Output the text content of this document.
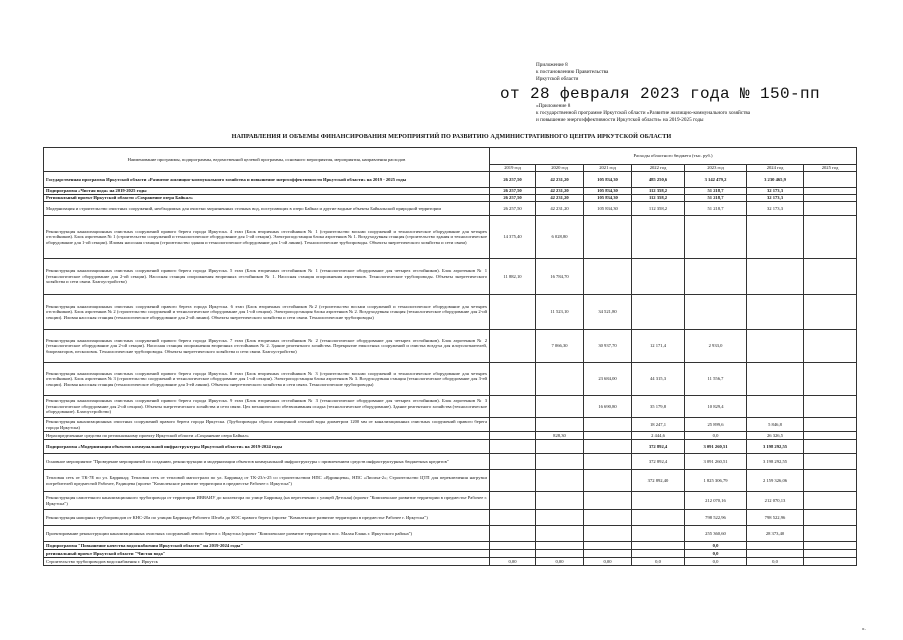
Приложение 8
к постановлению Правительства
Иркутской области
от 28 февраля 2023 года № 150-пп
«Приложение 8
к государственной программе Иркутской области «Развитие жилищно-коммунального хозяйства
и повышение энергоэффективности Иркутской области» на 2019-2025 годы
НАПРАВЛЕНИЯ И ОБЪЕМЫ ФИНАНСИРОВАНИЯ МЕРОПРИЯТИЙ ПО РАЗВИТИЮ АДМИНИСТРАТИВНОГО ЦЕНТРА ИРКУТСКОЙ ОБЛАСТИ
Наименование программы, подпрограммы, ведомственной целевой программы, основного мероприятия, мероприятия, направления расходов	Расходы областного бюджета (тыс. руб.)						
	2019 год	2020 год	2021 год	2022 год	2023 год	2024 год	2025 год
Государственная программа Иркутской области «Развитие жилищно-коммунального хозяйства и повышение энергоэффективности Иркутской области» на 2019 - 2025 годы	26 257,50	42 231,20	105 834,30	485 250,6	3 142 479,2	3 230 465,9	
Подпрограмма «Чистая вода» на 2019-2025 годы	26 257,50	42 231,20	105 834,30	112 358,2	51 218,7	32 173,3	
Региональный проект Иркутской области «Сохранение озера Байкал»	26 257,50	42 231,20	105 834,30	112 358,2	51 218,7	32 173,3	
Модернизация и строительство очистных сооружений, необходимых для очистки загрязненных сточных вод, поступающих в озеро Байкал и другие водные объекты Байкальской природной территории	26 257,50	42 231,20	105 834,30	112 358,2	51 218,7	32 173,3	
Реконструкция канализационных очистных сооружений правого берега города Иркутска. 4 этап (Блок вторичных отстойников № 1 (строительство восьми сооружений и технологическое оборудование для четырех отстойников). Блок аэротенков № 1 (строительство сооружений и технологическое оборудование для 1-ой секции). Электроподстанция блока аэротенков № 1. Воздуходувная станция (строительство здания и технологическое оборудование для 1-ой секции). Иловая насосная станция (строительство здания и технологическое оборудование для 1-ой линии). Технологические трубопроводы. Объекты энергетического хозяйства и сети связи)	14 375,40	6 028,80					
Реконструкция канализационных очистных сооружений правого берега города Иркутска. 5 этап (Блок вторичных отстойников № 1 (технологическое оборудование для четырех отстойников). Блок аэротенков № 1 (технологическое оборудование для 2-ой секции). Насосная станция опорожнения вторичных отстойников № 1. Насосная станция опорожнения аэротенков. Технологические трубопроводы. Объекты энергетического хозяйства и сети связи. Благоустройство)	11 882,10	16 784,70					
Реконструкция канализационных очистных сооружений правого берега города Иркутска. 6 этап (Блок вторичных отстойников №2 (строительство восьми сооружений и технологическое оборудование для четырех отстойников). Блок аэротенков № 2 (строительство сооружений и технологическое оборудование для 1-ой секции). Электроподстанция блока аэротенков № 2. Воздуходувная станция (технологическое оборудование для 2-ой секции). Иловая насосная станция (технологическое оборудование для 2-ой линии). Объекты энергетического хозяйства и сети связи. Технологические трубопроводы)		11 523,10	34 521,80				
Реконструкция канализационных очистных сооружений правого берега города Иркутска. 7 этап (Блок вторичных отстойников № 2 (технологическое оборудование для четырех отстойников). Блок аэротенков № 2 (технологическое оборудование для 2-ой секции). Насосная станция опорожнения вторичных отстойников № 2. Здание реагентного хозяйства. Перекрытие емкостных сооружений и очистка воздуха для илоуплотнителей, биореакторов, песколовок. Технологические трубопроводы. Объекты энергетического хозяйства и сети связи. Благоустройство)		7 066,30	30 937,70	12 171,4	2 933,0		
Реконструкция канализационных очистных сооружений правого берега города Иркутска. 8 этап (Блок вторичных отстойников № 3 (строительство восьми сооружений и технологическое оборудование для четырех отстойников). Блок аэротенков № 3 (строительство сооружений и технологическое оборудование для 1-ой секции). Электроподстанция блока аэротенков № 3. Воздуходувная станция (технологическое оборудование для 3-ей секции). Иловая насосная станция (технологическое оборудование для 3-ей линии). Объекты энергетического хозяйства и сети связи. Технологические трубопроводы)			23 684,00	44 315,3	11 556,7		
Реконструкция канализационных очистных сооружений правого берега города Иркутска. 9 этап (Блок вторичных отстойников № 3 (технологическое оборудование для четырех отстойников). Блок аэротенков № 3 (технологическое оборудование для 2-ой секции). Объекты энергетического хозяйства и сети связи. Цех механического обезвоживания осадка (технологическое оборудование). Здание реагентного хозяйства (технологическое оборудование). Благоустройство)			16 690,80	35 179,8	10 829,4		
Реконструкция канализационных очистных сооружений правого берега города Иркутска. (Трубопроводы сброса очищенной сточной воды диаметром 1200 мм от канализационных очистных сооружений правого берега города Иркутска)				18 247,1	25 899,6	5 846,8	
Нераспределенные средства по региональному проекту Иркутской области «Сохранение озера Байкал»		828,30		2 444,6	0,0	26 326,5	
Подпрограмма «Модернизация объектов коммунальной инфраструктуры Иркутской области» на 2019-2024 годы				372 892,4	3 091 260,51	3 198 292,55	
Основное мероприятие "Проведение мероприятий по созданию, реконструкции и модернизации объектов коммунальной инфраструктуры с привлечением средств инфраструктурных бюджетных кредитов"				372 892,4	3 091 260,51	3 198 292,55	
Тепловая сеть от ТК-7Е по ул. Баррикад; Тепловая сеть от тепловой магистрали по ул. Баррикад от ТК-23/з-25 со строительством НПС «Ядринцева», НПС «Лисиха-2»; Строительство ЦТП для переключения нагрузки потребителей предместий Рабочее, Радищева (проект "Комплексное развитие территории в предместье Рабочее г. Иркутска")				372 892,40	1 825 306,79	2 159 326,06	
Реконструкция самотечного канализационного трубопровода от территории ИВВАИУ до коллектора по улице Баррикад (на пересечении с улицей Детская) (проект "Комплексное развитие территории в предместье Рабочее г. Иркутска")					212 070,16	212 070,13	
Реконструкция напорных трубопроводов от КНС-20а по улицам Баррикад-Рабочего Штаба до КОС правого берега (проект "Комплексное развитие территории в предместье Рабочее г. Иркутска")					798 522,96	798 522,96	
Проектирование реконструкции канализационных очистных сооружений левого берега г. Иркутска (проект "Комплексное развитие территории в пос. Малая Елань г. Иркутского района")					255 360,60	28 373,40	
Подпрограмма "Повышение качества водоснабжения Иркутской области" на 2019-2024 годы"					0,0		
региональный проект Иркутской области "Чистая вода"					0,0		
Строительство трубопроводов водоснабжения г. Иркутск	0,00	0,00	0,00	0,0	0,0	0,0	
».
